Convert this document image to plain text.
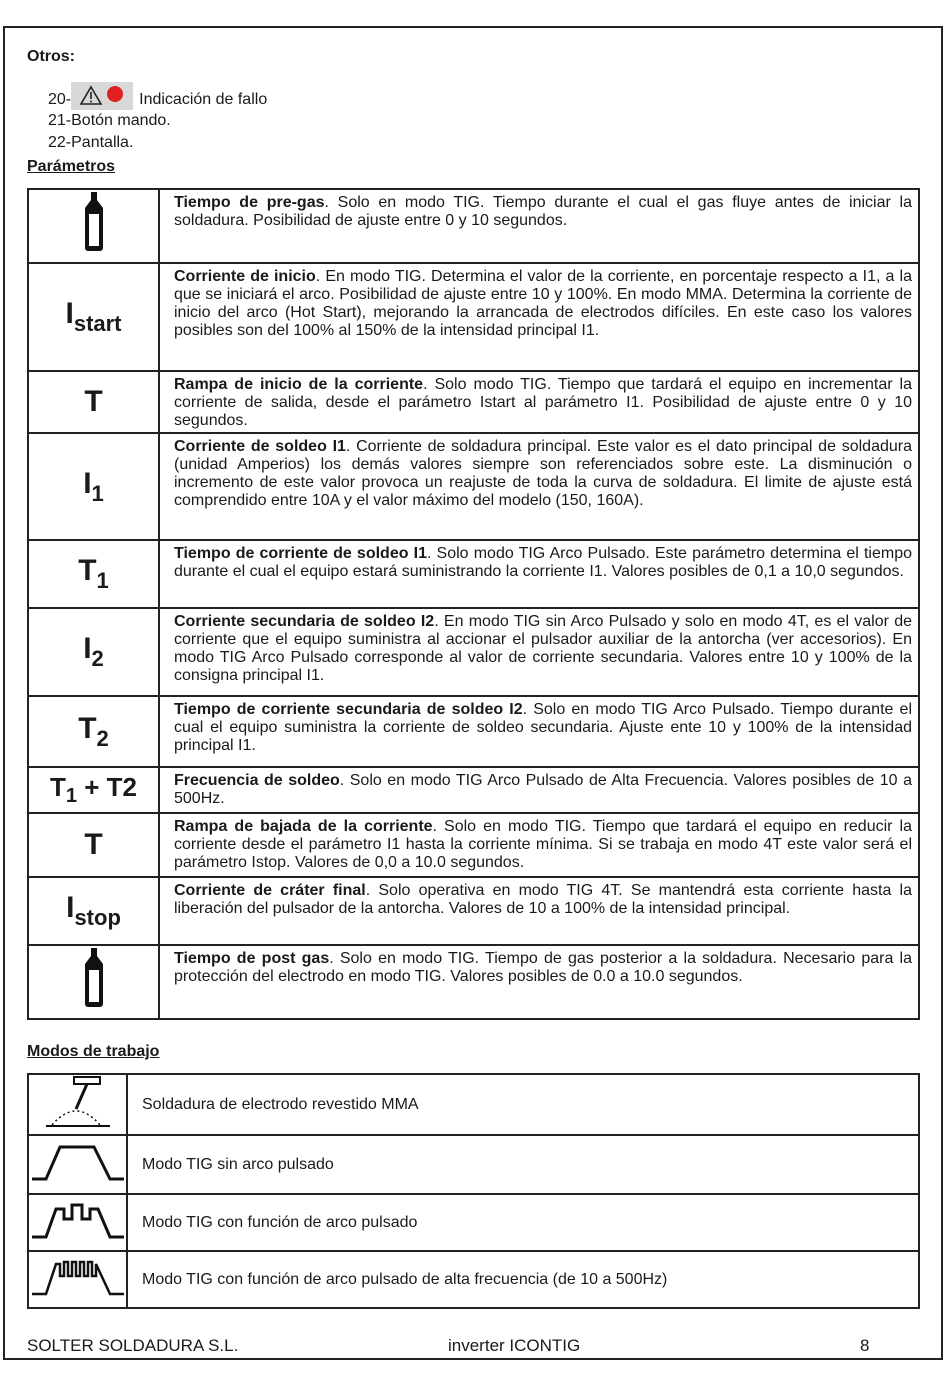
Otros:
20-	Indicación de fallo
21-Botón mando.
22-Pantalla.
Parámetros
	Tiempo de pre-gas. Solo en modo TIG. Tiempo durante el cual el gas fluye antes de iniciar la soldadura. Posibilidad de ajuste entre 0 y 10 segundos.
$I_{start}$	Corriente de inicio. En modo TIG. Determina el valor de la corriente, en porcentaje respecto a I1, a la que se iniciará el arco. Posibilidad de ajuste entre 10 y 100%. En modo MMA. Determina la corriente de inicio del arco (Hot Start), mejorando la arrancada de electrodos difíciles. En este caso los valores posibles son del 100% al 150% de la intensidad principal I1.
T	Rampa de inicio de la corriente. Solo modo TIG. Tiempo que tardará el equipo en incrementar la corriente de salida, desde el parámetro Istart al parámetro I1. Posibilidad de ajuste entre 0 y 10 segundos.
$I_1$	Corriente de soldeo I1. Corriente de soldadura principal. Este valor es el dato principal de soldadura (unidad Amperios) los demás valores siempre son referenciados sobre este. La disminución o incremento de este valor provoca un reajuste de toda la curva de soldadura. El limite de ajuste está comprendido entre 10A y el valor máximo del modelo (150, 160A).
$T_1$	Tiempo de corriente de soldeo I1. Solo modo TIG Arco Pulsado. Este parámetro determina el tiempo durante el cual el equipo estará suministrando la corriente I1. Valores posibles de 0,1 a 10,0 segundos.
$I_2$	Corriente secundaria de soldeo I2. En modo TIG sin Arco Pulsado y solo en modo 4T, es el valor de corriente que el equipo suministra al accionar el pulsador auxiliar de la antorcha (ver accesorios). En modo TIG Arco Pulsado corresponde al valor de corriente secundaria. Valores entre 10 y 100% de la consigna principal I1.
$T_2$	Tiempo de corriente secundaria de soldeo I2. Solo en modo TIG Arco Pulsado. Tiempo durante el cual el equipo suministra la corriente de soldeo secundaria. Ajuste ente 10 y 100% de la intensidad principal I1.
$T_1 + T2$	Frecuencia de soldeo. Solo en modo TIG Arco Pulsado de Alta Frecuencia. Valores posibles de 10 a 500Hz.
T	Rampa de bajada de la corriente. Solo en modo TIG. Tiempo que tardará el equipo en reducir la corriente desde el parámetro I1 hasta la corriente mínima. Si se trabaja en modo 4T este valor será el parámetro Istop. Valores de 0,0 a 10.0 segundos.
$I_{stop}$	Corriente de cráter final. Solo operativa en modo TIG 4T. Se mantendrá esta corriente hasta la liberación del pulsador de la antorcha. Valores de 10 a 100% de la intensidad principal.
	Tiempo de post gas. Solo en modo TIG. Tiempo de gas posterior a la soldadura. Necesario para la protección del electrodo en modo TIG. Valores posibles de 0.0 a 10.0 segundos.
Modos de trabajo
	Soldadura de electrodo revestido MMA
	Modo TIG sin arco pulsado
	Modo TIG con función de arco pulsado
	Modo TIG con función de arco pulsado de alta frecuencia (de 10 a 500Hz)
SOLTER SOLDADURA S.L.	inverter ICONTIG	8
